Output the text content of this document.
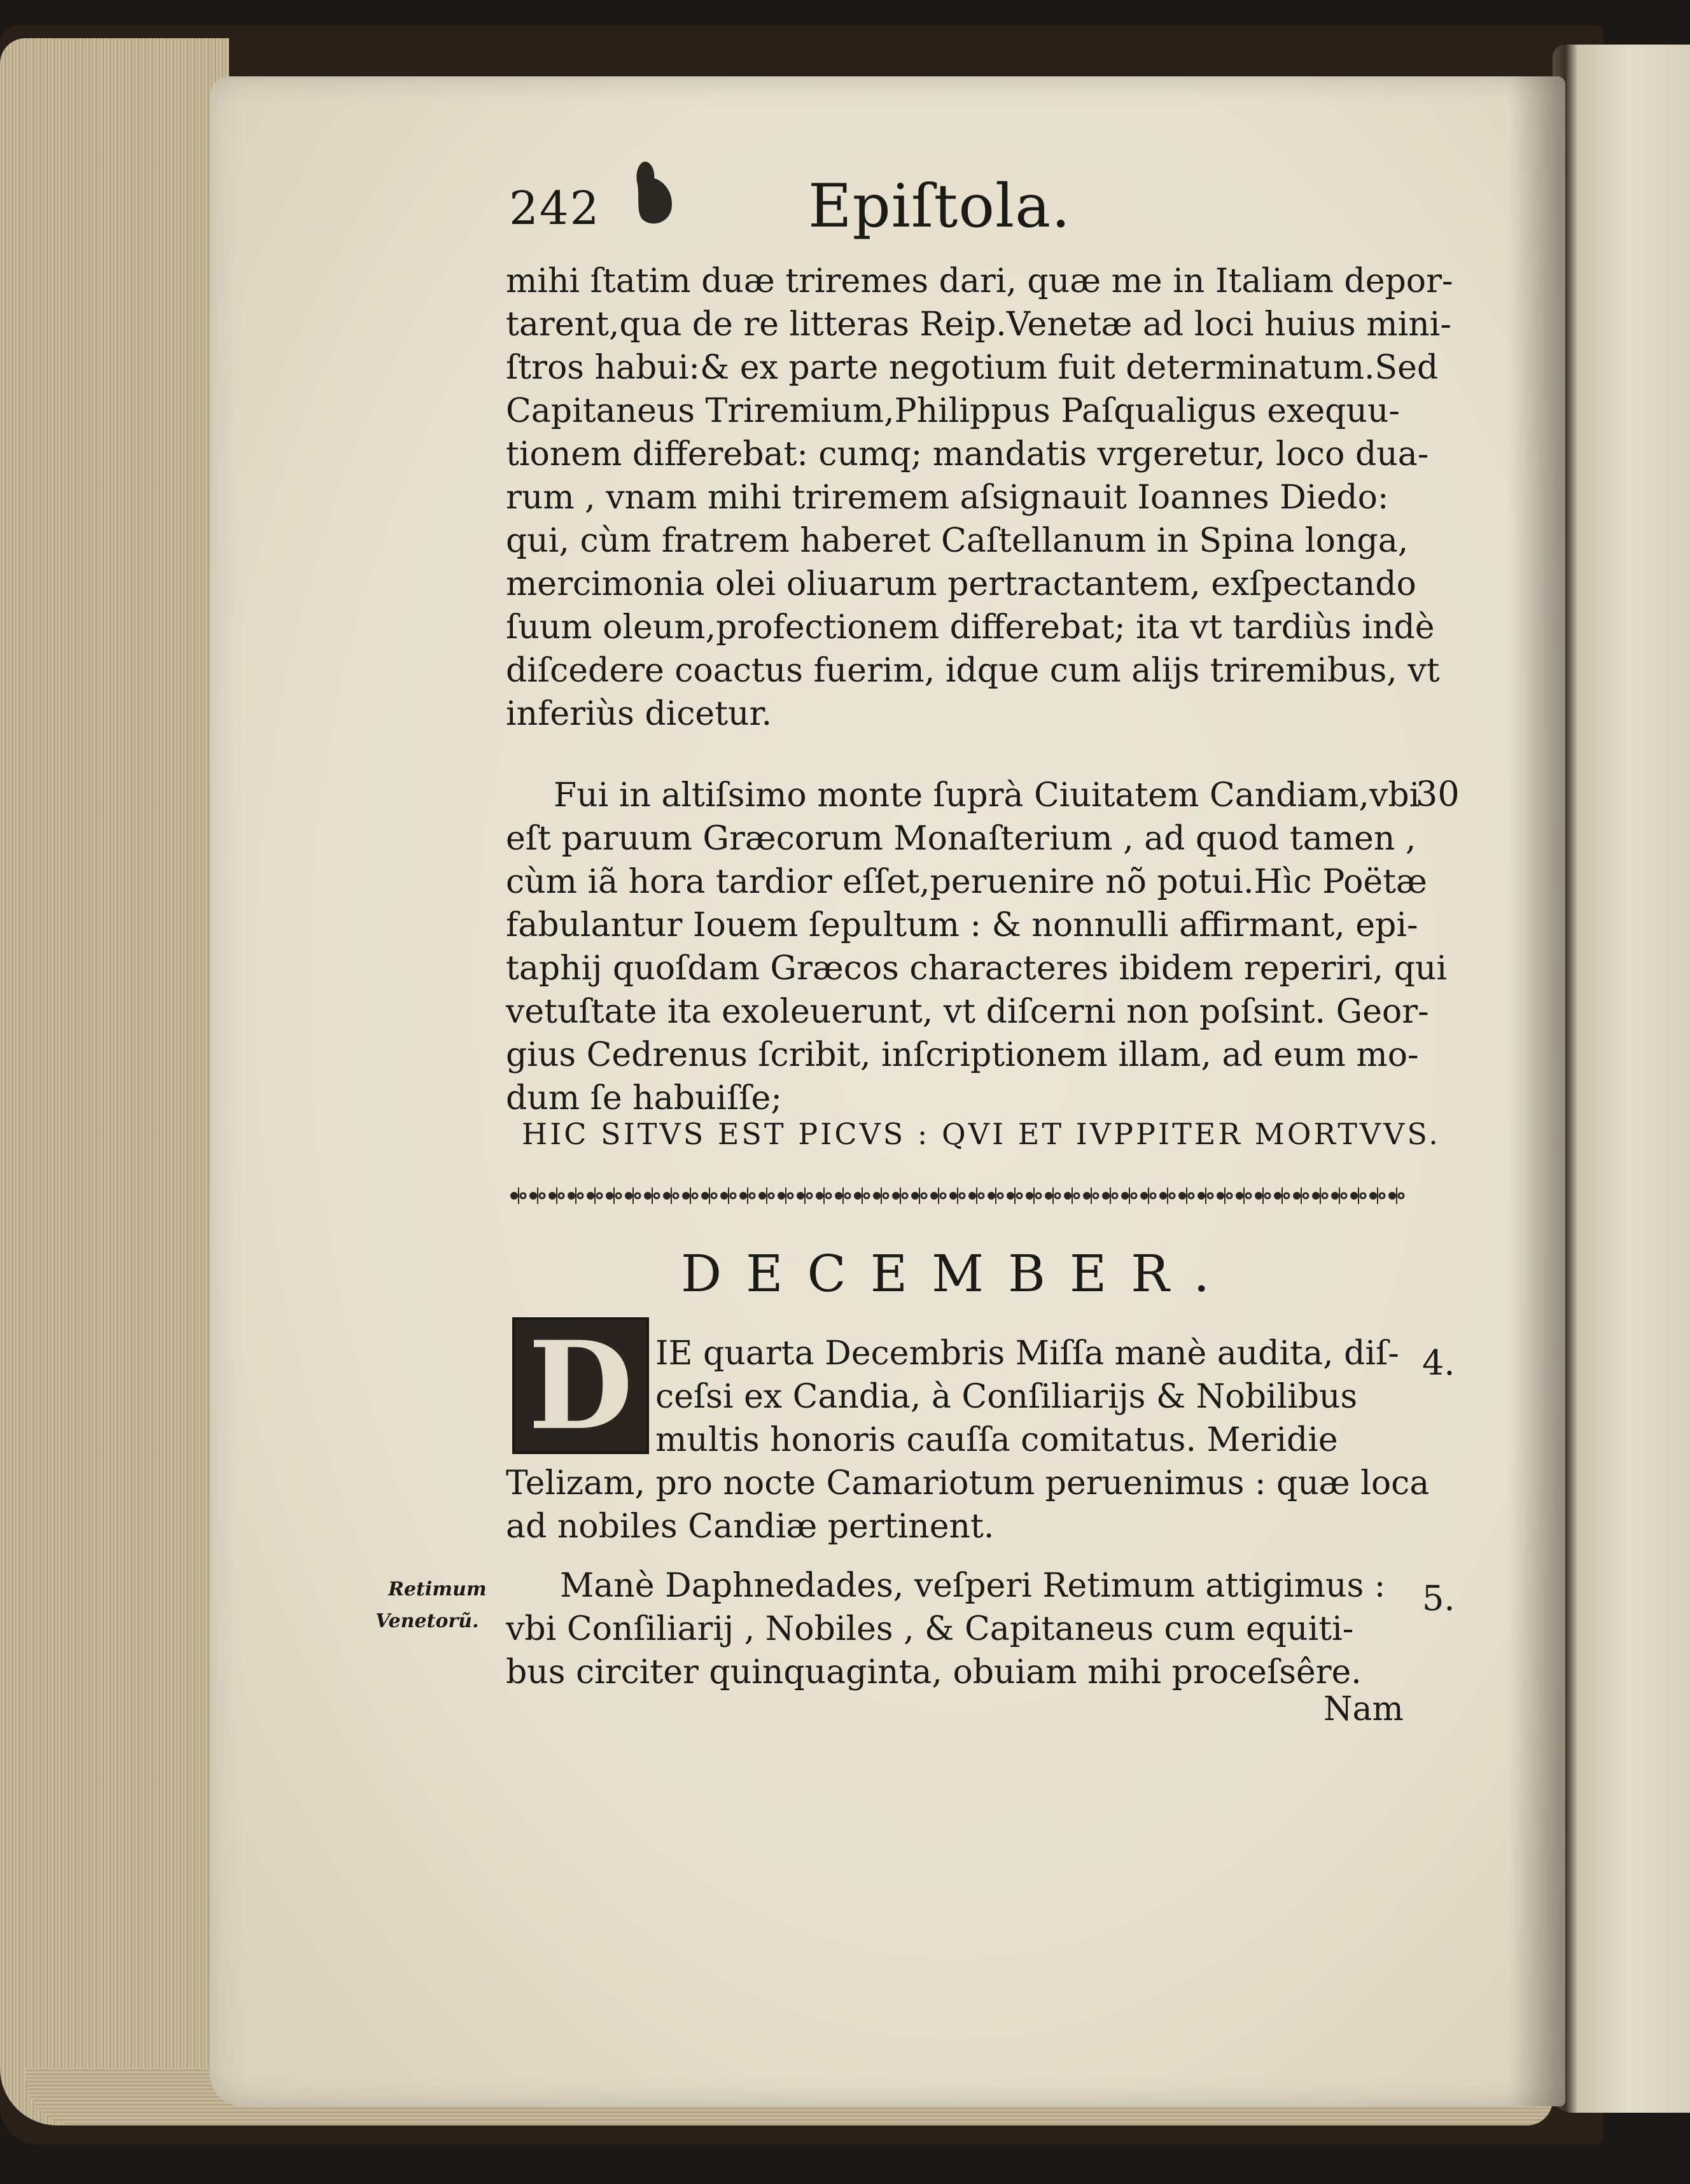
242	Epiſtola.
mihi ſtatim duæ triremes dari, quæ me in Italiam depor-
tarent,qua de re litteras Reip.Venetæ ad loci huius mini-
ſtros habui:& ex parte negotium fuit determinatum.Sed
Capitaneus Triremium,Philippus Paſqualigus exequu-
tionem differebat: cumq; mandatis vrgeretur, loco dua-
rum , vnam mihi triremem aſsignauit Ioannes Diedo:
qui, cùm fratrem haberet Caſtellanum in Spina longa,
mercimonia olei oliuarum pertractantem, exſpectando
ſuum oleum,profectionem differebat; ita vt tardiùs indè
diſcedere coactus fuerim, idque cum alijs triremibus, vt
inferiùs dicetur.
Fui in altiſsimo monte ſuprà Ciuitatem Candiam,vbi
30
eſt paruum Græcorum Monaſterium , ad quod tamen ,
cùm iã hora tardior eſſet,peruenire nõ potui.Hìc Poëtæ
fabulantur Iouem ſepultum : & nonnulli affirmant, epi-
taphij quoſdam Græcos characteres ibidem reperiri, qui
vetuſtate ita exoleuerunt, vt diſcerni non poſsint. Geor-
gius Cedrenus ſcribit, inſcriptionem illam, ad eum mo-
dum ſe habuiſſe;
HIC SITVS EST PICVS : QVI ET IVPPITER MORTVVS.
DECEMBER.
D IE quarta Decembris Miſſa manè audita, diſ- 4.
ceſsi ex Candia, à Conſiliarijs & Nobilibus
multis honoris cauſſa comitatus. Meridie
Telizam, pro nocte Camariotum peruenimus : quæ loca
ad nobiles Candiæ pertinent.
Retimum
Venetorũ.
Manè Daphnedades, veſperi Retimum attigimus : 5.
vbi Conſiliarij , Nobiles , & Capitaneus cum equiti-
bus circiter quinquaginta, obuiam mihi proceſsêre.
Nam
